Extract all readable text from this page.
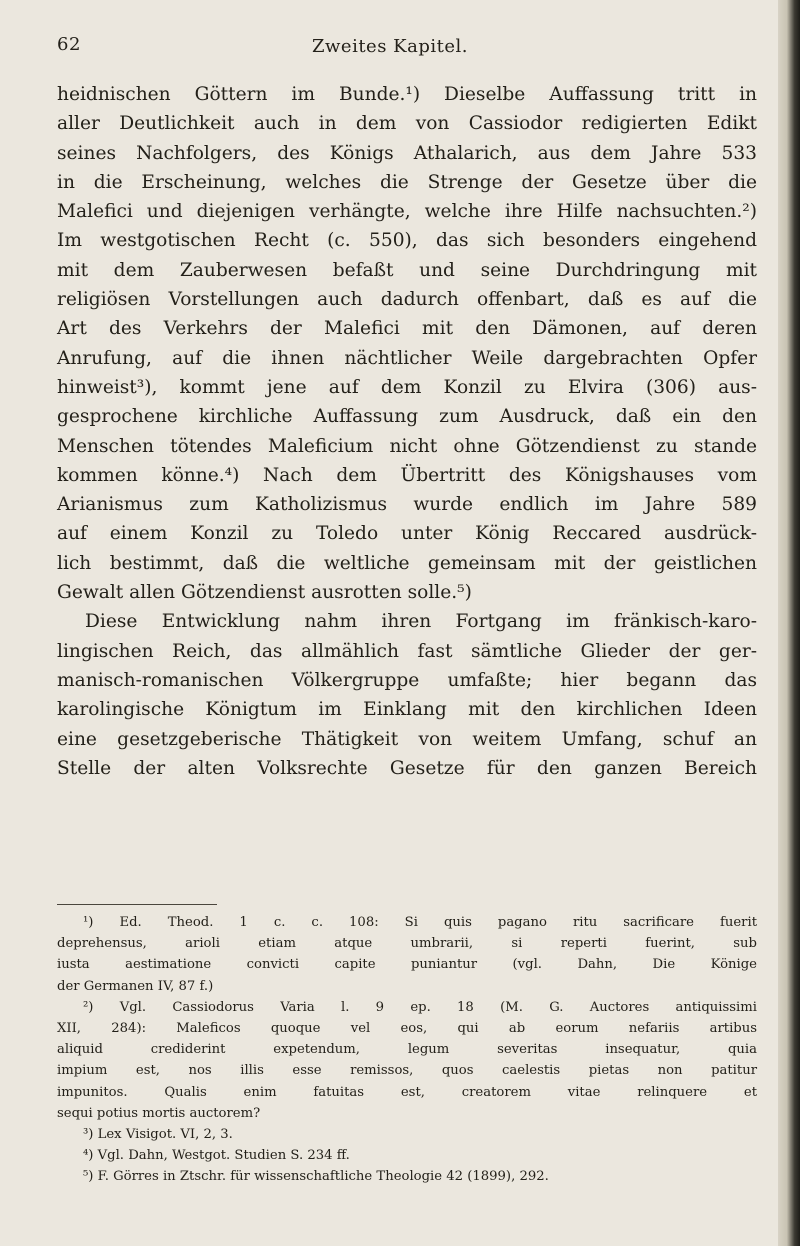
62	Zweites Kapitel.
heidnischen Göttern im Bunde.¹) Dieselbe Auffassung tritt in
aller Deutlichkeit auch in dem von Cassiodor redigierten Edikt
seines Nachfolgers, des Königs Athalarich, aus dem Jahre 533
in die Erscheinung, welches die Strenge der Gesetze über die
Malefici und diejenigen verhängte, welche ihre Hilfe nachsuchten.²)
Im westgotischen Recht (c. 550), das sich besonders eingehend
mit dem Zauberwesen befaßt und seine Durchdringung mit
religiösen Vorstellungen auch dadurch offenbart, daß es auf die
Art des Verkehrs der Malefici mit den Dämonen, auf deren
Anrufung, auf die ihnen nächtlicher Weile dargebrachten Opfer
hinweist³), kommt jene auf dem Konzil zu Elvira (306) aus-
gesprochene kirchliche Auffassung zum Ausdruck, daß ein den
Menschen tötendes Maleficium nicht ohne Götzendienst zu stande
kommen könne.⁴) Nach dem Übertritt des Königshauses vom
Arianismus zum Katholizismus wurde endlich im Jahre 589
auf einem Konzil zu Toledo unter König Reccared ausdrück-
lich bestimmt, daß die weltliche gemeinsam mit der geistlichen
Gewalt allen Götzendienst ausrotten solle.⁵)
Diese Entwicklung nahm ihren Fortgang im fränkisch-karo-
lingischen Reich, das allmählich fast sämtliche Glieder der ger-
manisch-romanischen Völkergruppe umfaßte; hier begann das
karolingische Königtum im Einklang mit den kirchlichen Ideen
eine gesetzgeberische Thätigkeit von weitem Umfang, schuf an
Stelle der alten Volksrechte Gesetze für den ganzen Bereich
¹) Ed. Theod. 1 c. c. 108: Si quis pagano ritu sacrificare fuerit
deprehensus, arioli etiam atque umbrarii, si reperti fuerint, sub
iusta aestimatione convicti capite puniantur (vgl. Dahn, Die Könige
der Germanen IV, 87 f.)
²) Vgl. Cassiodorus Varia l. 9 ep. 18 (M. G. Auctores antiquissimi
XII, 284): Maleficos quoque vel eos, qui ab eorum nefariis artibus
aliquid crediderint expetendum, legum severitas insequatur, quia
impium est, nos illis esse remissos, quos caelestis pietas non patitur
impunitos. Qualis enim fatuitas est, creatorem vitae relinquere et
sequi potius mortis auctorem?
³) Lex Visigot. VI, 2, 3.
⁴) Vgl. Dahn, Westgot. Studien S. 234 ff.
⁵) F. Görres in Ztschr. für wissenschaftliche Theologie 42 (1899), 292.
